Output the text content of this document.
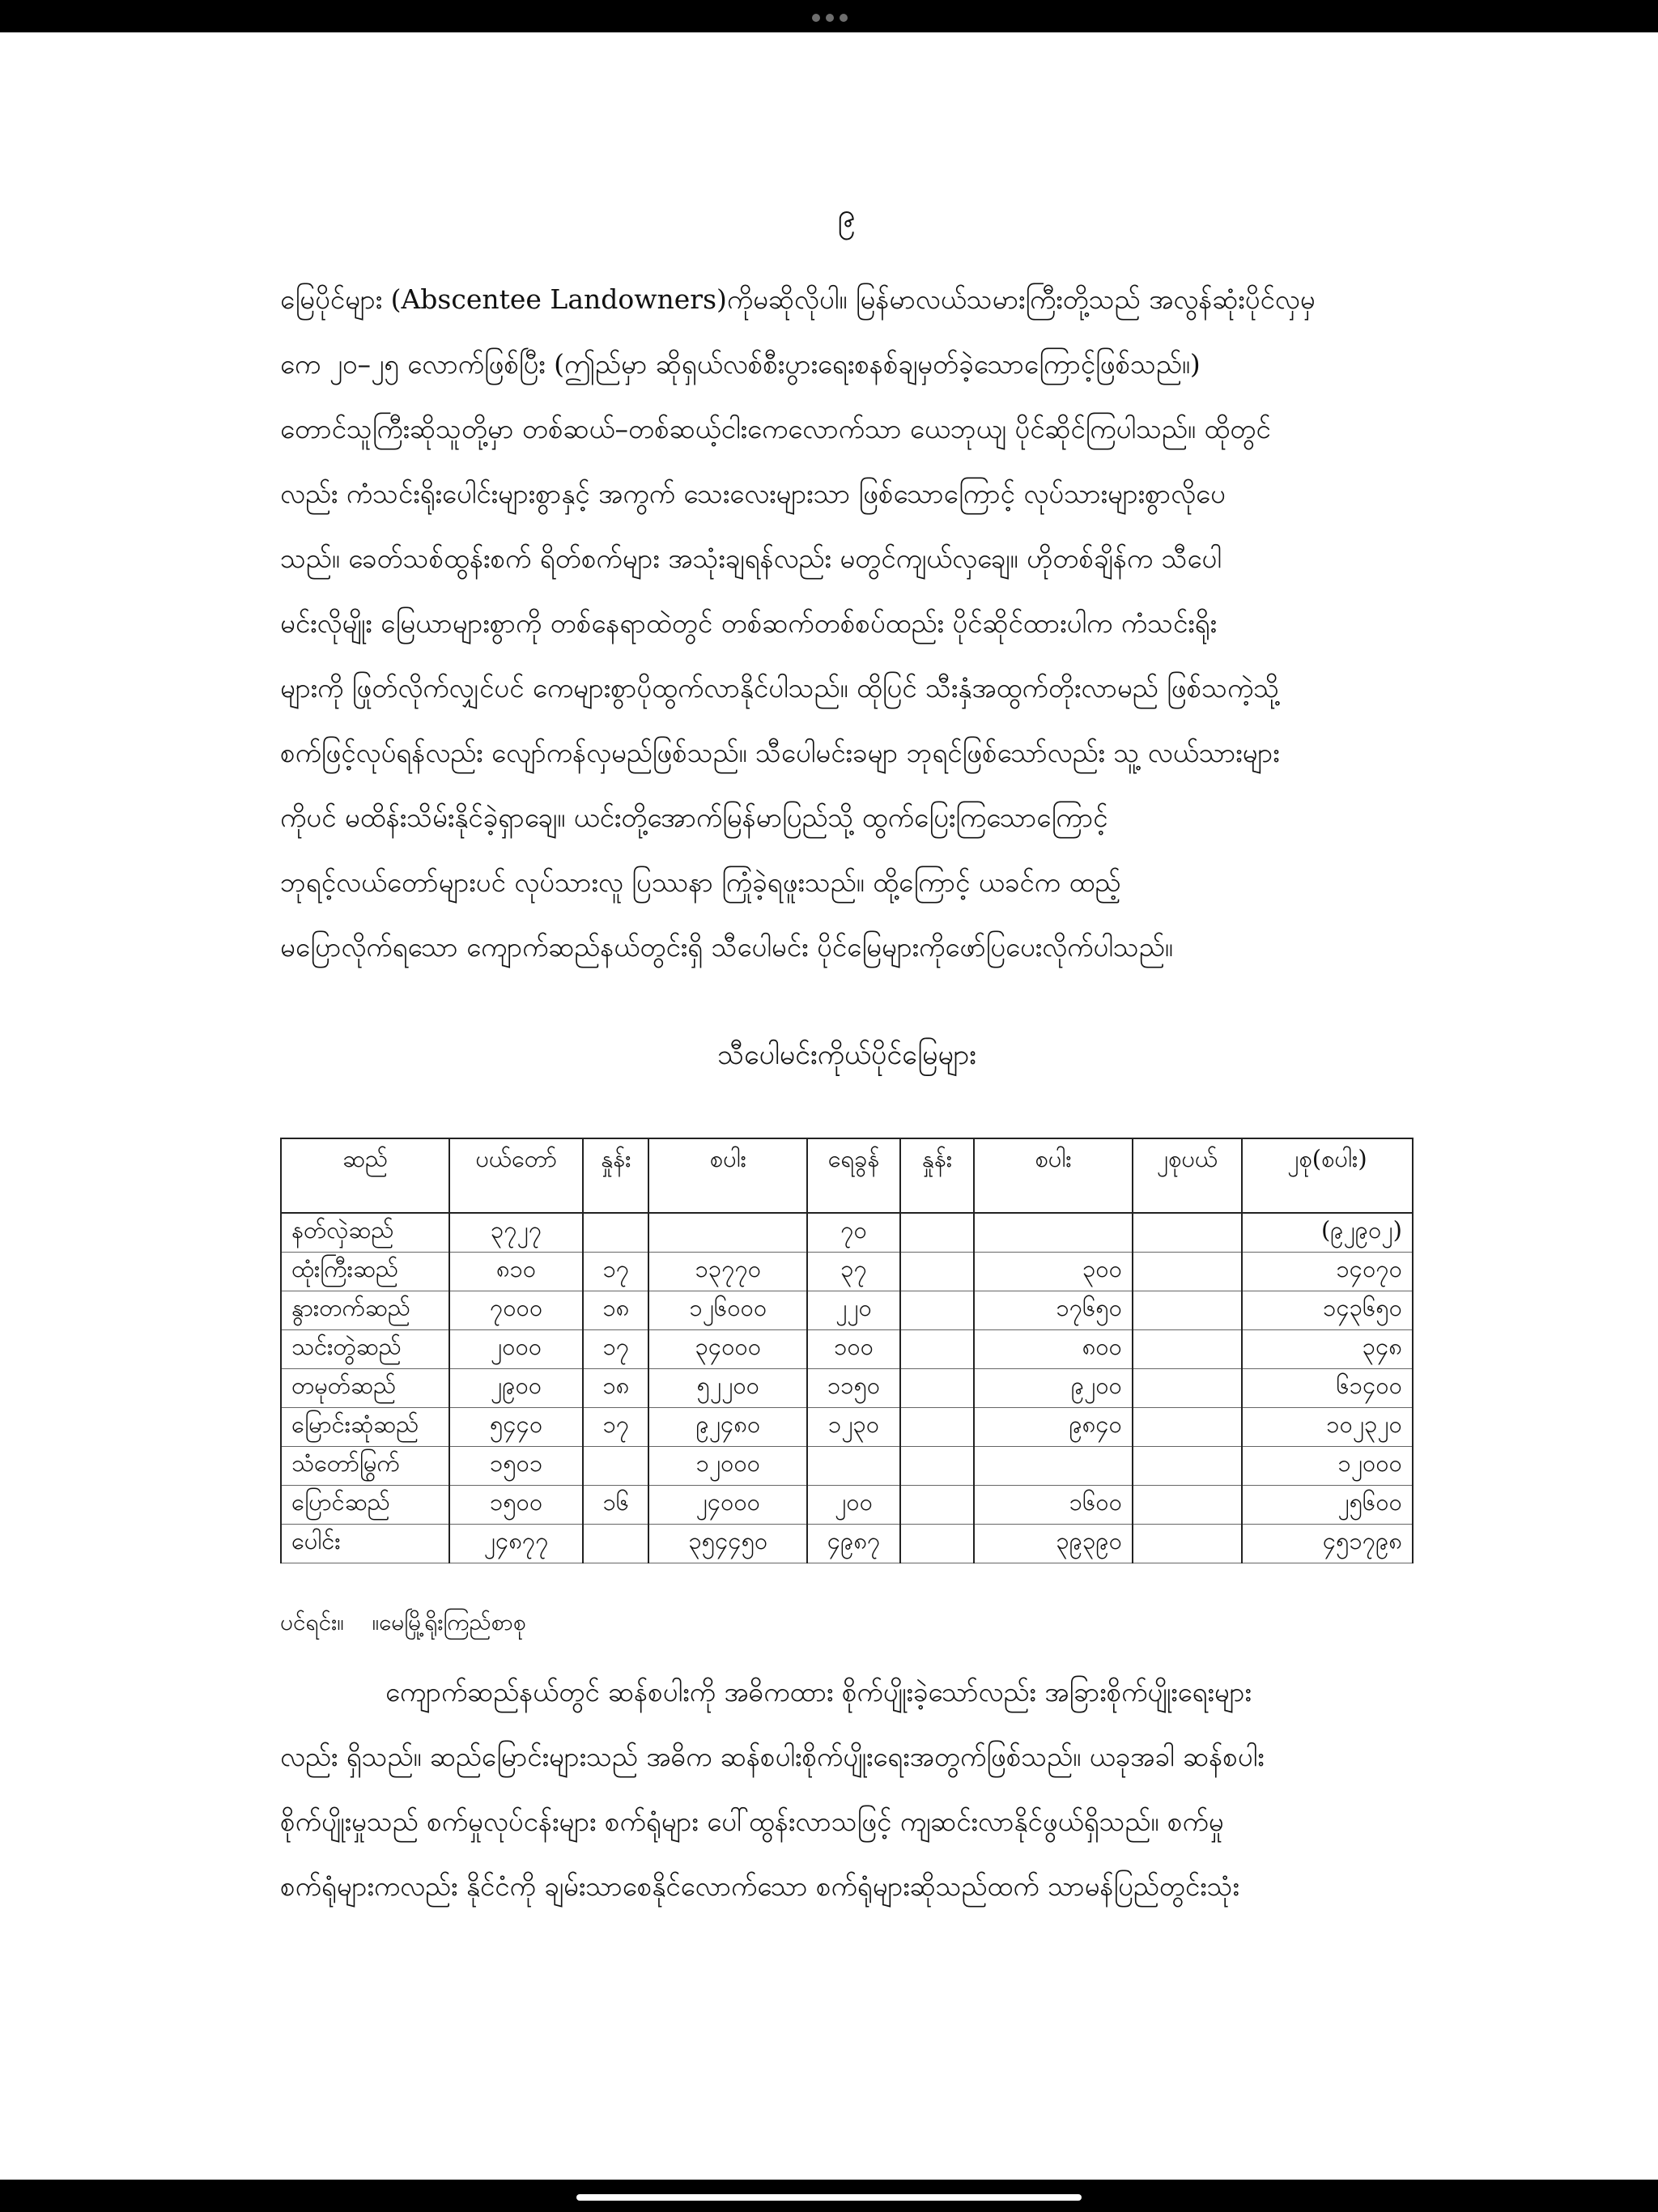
၉
မြေပိုင်များ (Abscentee Landowners)ကိုမဆိုလိုပါ။ မြန်မာလယ်သမားကြီးတို့သည် အလွန်ဆုံးပိုင်လှမှ
ကေ ၂၀–၂၅ လောက်ဖြစ်ပြီး (ဤည်မှာ ဆိုရှယ်လစ်စီးပွားရေးစနစ်ချမှတ်ခဲ့သောကြောင့်ဖြစ်သည်။)
တောင်သူကြီးဆိုသူတို့မှာ တစ်ဆယ်–တစ်ဆယ့်ငါးကေလောက်သာ ယေဘုယျ ပိုင်ဆိုင်ကြပါသည်။ ထိုတွင်
လည်း ကံသင်းရိုးပေါင်းများစွာနှင့် အကွက် သေးလေးများသာ ဖြစ်သောကြောင့် လုပ်သားများစွာလိုပေ
သည်။ ခေတ်သစ်ထွန်းစက် ရိတ်စက်များ အသုံးချရန်လည်း မတွင်ကျယ်လှချေ။ ဟိုတစ်ချိန်က သီပေါ
မင်းလိုမျိုး မြေယာများစွာကို တစ်နေရာထဲတွင် တစ်ဆက်တစ်စပ်ထည်း ပိုင်ဆိုင်ထားပါက ကံသင်းရိုး
များကို ဖြုတ်လိုက်လျှင်ပင် ကေများစွာပိုထွက်လာနိုင်ပါသည်။ ထိုပြင် သီးနှံအထွက်တိုးလာမည် ဖြစ်သကဲ့သို့
စက်ဖြင့်လုပ်ရန်လည်း လျော်ကန်လှမည်ဖြစ်သည်။ သီပေါမင်းခမျာ ဘုရင်ဖြစ်သော်လည်း သူ့ လယ်သားများ
ကိုပင် မထိန်းသိမ်းနိုင်ခဲ့ရှာချေ။ ယင်းတို့အောက်မြန်မာပြည်သို့ ထွက်ပြေးကြသောကြောင့်
ဘုရင့်လယ်တော်များပင် လုပ်သားလူ ပြဿနာ ကြုံခဲ့ရဖူးသည်။ ထို့ကြောင့် ယခင်က ထည့်
မပြောလိုက်ရသော ကျောက်ဆည်နယ်တွင်းရှိ သီပေါမင်း ပိုင်မြေများကိုဖော်ပြပေးလိုက်ပါသည်။
သီပေါမင်းကိုယ်ပိုင်မြေများ
ဆည်	ပယ်တော်	နှုန်း	စပါး	ရေခွန်	နှုန်း	စပါး	၂စုပယ်	၂စု(စပါး)
နတ်လှဲဆည်	၃၇၂၇			၇၀				(၉၂၉၀၂)
ထုံးကြီးဆည်	၈၁၀	၁၇	၁၃၇၇၀	၃၇		၃၀၀		၁၄၀၇၀
နွားတက်ဆည်	၇၀၀၀	၁၈	၁၂၆၀၀၀	၂၂၀		၁၇၆၅၀		၁၄၃၆၅၀
သင်းတွဲဆည်	၂၀၀၀	၁၇	၃၄၀၀၀	၁၀၀		၈၀၀		၃၄၈
တမုတ်ဆည်	၂၉၀၀	၁၈	၅၂၂၀၀	၁၁၅၀		၉၂၀၀		၆၁၄၀၀
မြောင်းဆုံဆည်	၅၄၄၀	၁၇	၉၂၄၈၀	၁၂၃၀		၉၈၄၀		၁၀၂၃၂၀
သံတော်မြွက်	၁၅၀၁		၁၂၀၀၀					၁၂၀၀၀
ပြောင်ဆည်	၁၅၀၀	၁၆	၂၄၀၀၀	၂၀၀		၁၆၀၀		၂၅၆၀၀
ပေါင်း	၂၄၈၇၇		၃၅၄၄၅၀	၄၉၈၇		၃၉၃၉၀		၄၅၁၇၉၈
ပင်ရင်း။ ။မေမြို့ရိုးကြည်စာစု
ကျောက်ဆည်နယ်တွင် ဆန်စပါးကို အဓိကထား စိုက်ပျိုးခဲ့သော်လည်း အခြားစိုက်ပျိုးရေးများ
လည်း ရှိသည်။ ဆည်မြောင်းများသည် အဓိက ဆန်စပါးစိုက်ပျိုးရေးအတွက်ဖြစ်သည်။ ယခုအခါ ဆန်စပါး
စိုက်ပျိုးမှုသည် စက်မှုလုပ်ငန်းများ စက်ရုံများ ပေါ်ထွန်းလာသဖြင့် ကျဆင်းလာနိုင်ဖွယ်ရှိသည်။ စက်မှု
စက်ရုံများကလည်း နိုင်ငံကို ချမ်းသာစေနိုင်လောက်သော စက်ရုံများဆိုသည်ထက် သာမန်ပြည်တွင်းသုံး
